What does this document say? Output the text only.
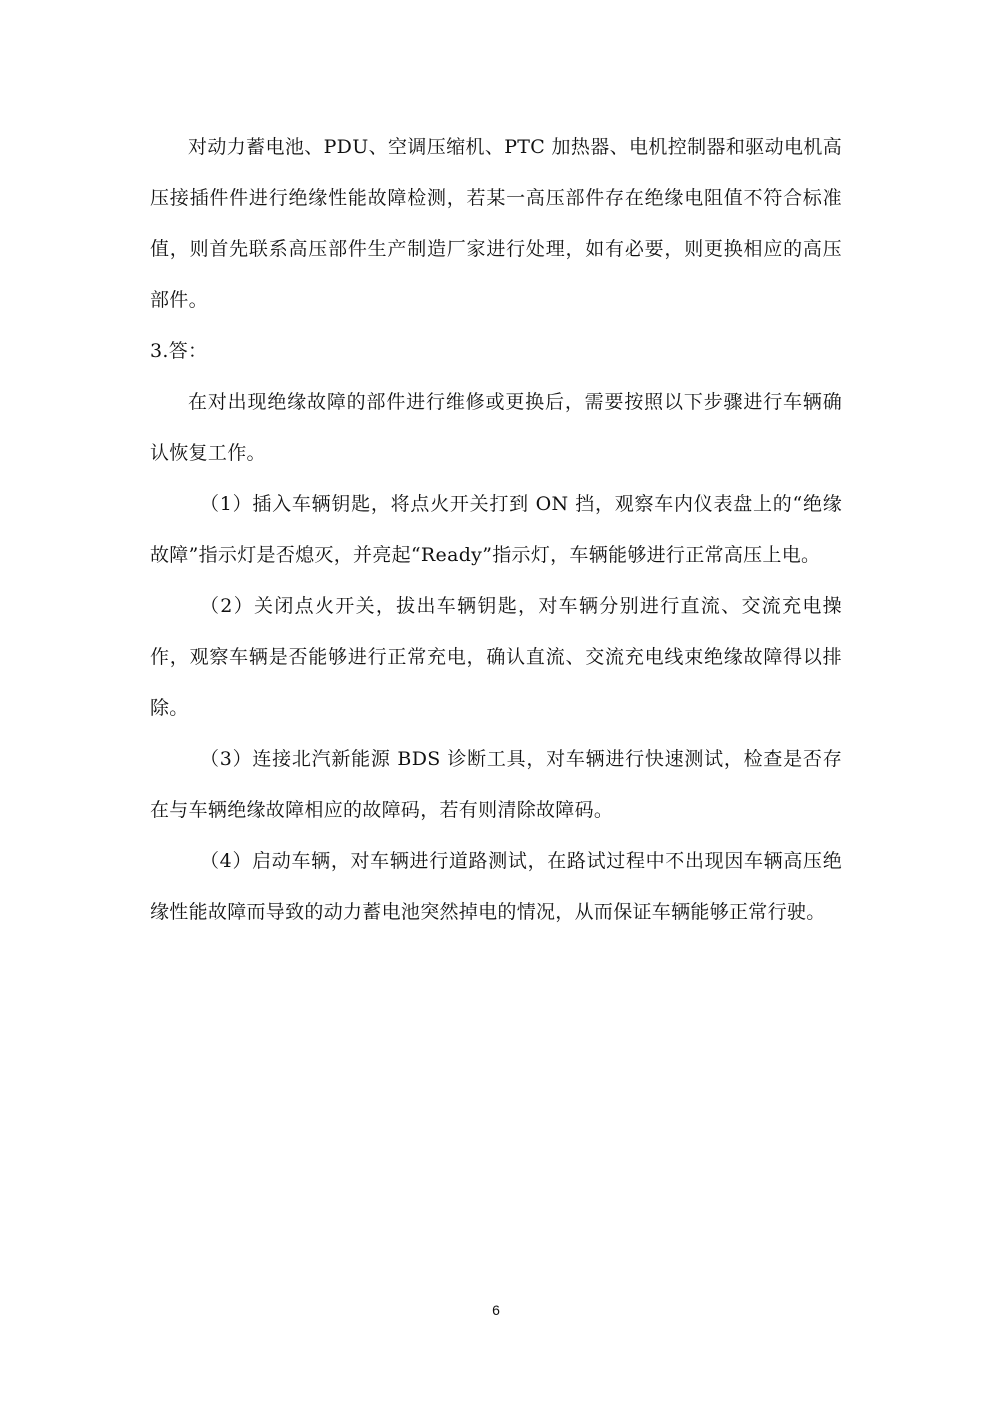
对动力蓄电池、PDU、空调压缩机、PTC 加热器、电机控制器和驱动电机高压接插件件进行绝缘性能故障检测，若某一高压部件存在绝缘电阻值不符合标准值，则首先联系高压部件生产制造厂家进行处理，如有必要，则更换相应的高压部件。

3.答：

在对出现绝缘故障的部件进行维修或更换后，需要按照以下步骤进行车辆确认恢复工作。

（1）插入车辆钥匙，将点火开关打到 ON 挡，观察车内仪表盘上的“绝缘故障”指示灯是否熄灭，并亮起“Ready”指示灯，车辆能够进行正常高压上电。

（2）关闭点火开关，拔出车辆钥匙，对车辆分别进行直流、交流充电操作，观察车辆是否能够进行正常充电，确认直流、交流充电线束绝缘故障得以排除。

（3）连接北汽新能源 BDS 诊断工具，对车辆进行快速测试，检查是否存在与车辆绝缘故障相应的故障码，若有则清除故障码。

（4）启动车辆，对车辆进行道路测试，在路试过程中不出现因车辆高压绝缘性能故障而导致的动力蓄电池突然掉电的情况，从而保证车辆能够正常行驶。

6
